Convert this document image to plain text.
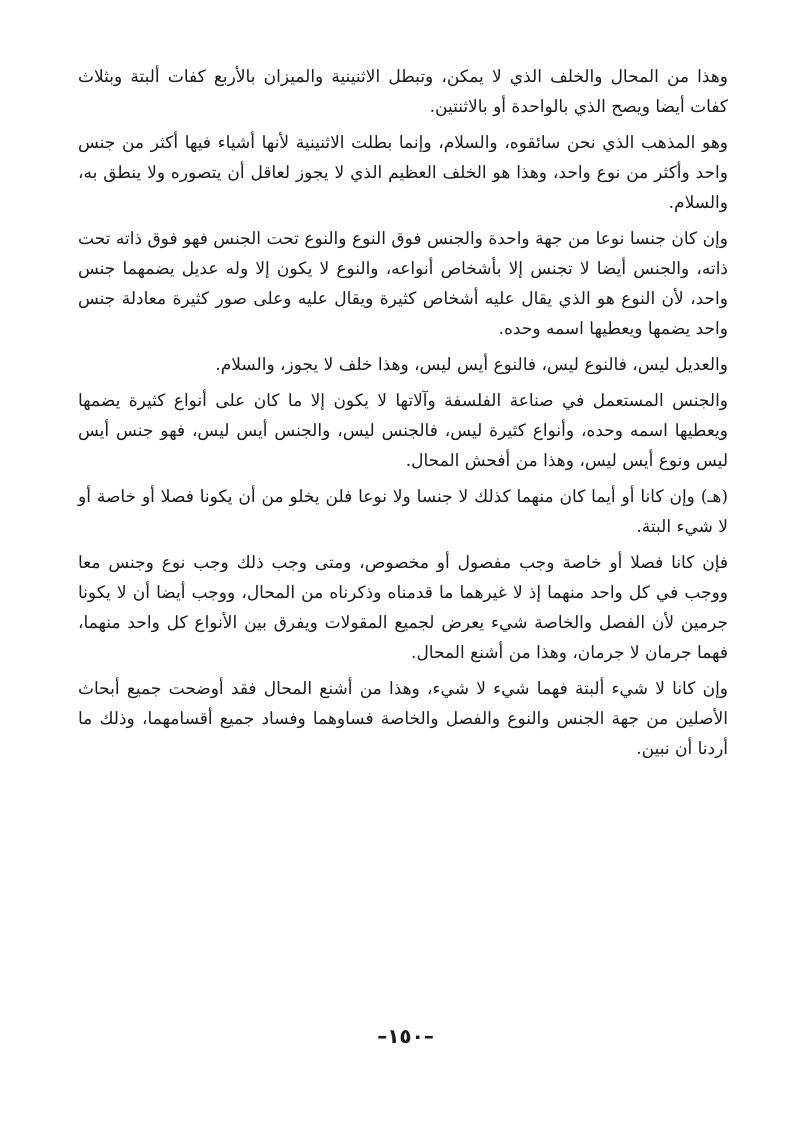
وهذا من المحال والخلف الذي لا يمكن، وتبطل الاثنينية والميزان بالأربع كفات ألبتة وبثلاث كفات أيضا ويصح الذي بالواحدة أو بالاثنتين.

وهو المذهب الذي نحن سائقوه، والسلام، وإنما بطلت الاثنينية لأنها أشياء فيها أكثر من جنس واحد وأكثر من نوع واحد، وهذا هو الخلف العظيم الذي لا يجوز لعاقل أن يتصوره ولا ينطق به، والسلام.

وإن كان جنسا نوعا من جهة واحدة والجنس فوق النوع والنوع تحت الجنس فهو فوق ذاته تحت ذاته، والجنس أيضا لا تجنس إلا بأشخاص أنواعه، والنوع لا يكون إلا وله عديل يضمهما جنس واحد، لأن النوع هو الذي يقال عليه أشخاص كثيرة ويقال عليه وعلى صور كثيرة معادلة جنس واحد يضمها ويعطيها اسمه وحده.

والعديل ليس، فالنوع ليس، فالنوع أيس ليس، وهذا خلف لا يجوز، والسلام.

والجنس المستعمل في صناعة الفلسفة وآلاتها لا يكون إلا ما كان على أنواع كثيرة يضمها ويعطيها اسمه وحده، وأنواع كثيرة ليس، فالجنس ليس، والجنس أيس ليس، فهو جنس أيس ليس ونوع أيس ليس، وهذا من أفحش المحال.

(هـ) وإن كانا أو أيما كان منهما كذلك لا جنسا ولا نوعا فلن يخلو من أن يكونا فصلا أو خاصة أو لا شيء البتة.

فإن كانا فصلا أو خاصة وجب مفصول أو مخصوص، ومتى وجب ذلك وجب نوع وجنس معا ووجب في كل واحد منهما إذ لا غيرهما ما قدمناه وذكرناه من المحال، ووجب أيضا أن لا يكونا جرمين لأن الفصل والخاصة شيء يعرض لجميع المقولات ويفرق بين الأنواع كل واحد منهما، فهما جرمان لا جرمان، وهذا من أشنع المحال.

وإن كانا لا شيء ألبتة فهما شيء لا شيء، وهذا من أشنع المحال فقد أوضحت جميع أبحاث الأصلين من جهة الجنس والنوع والفصل والخاصة فساوهما وفساد جميع أقسامهما، وذلك ما أردنا أن نبين.

–١٥٠–
